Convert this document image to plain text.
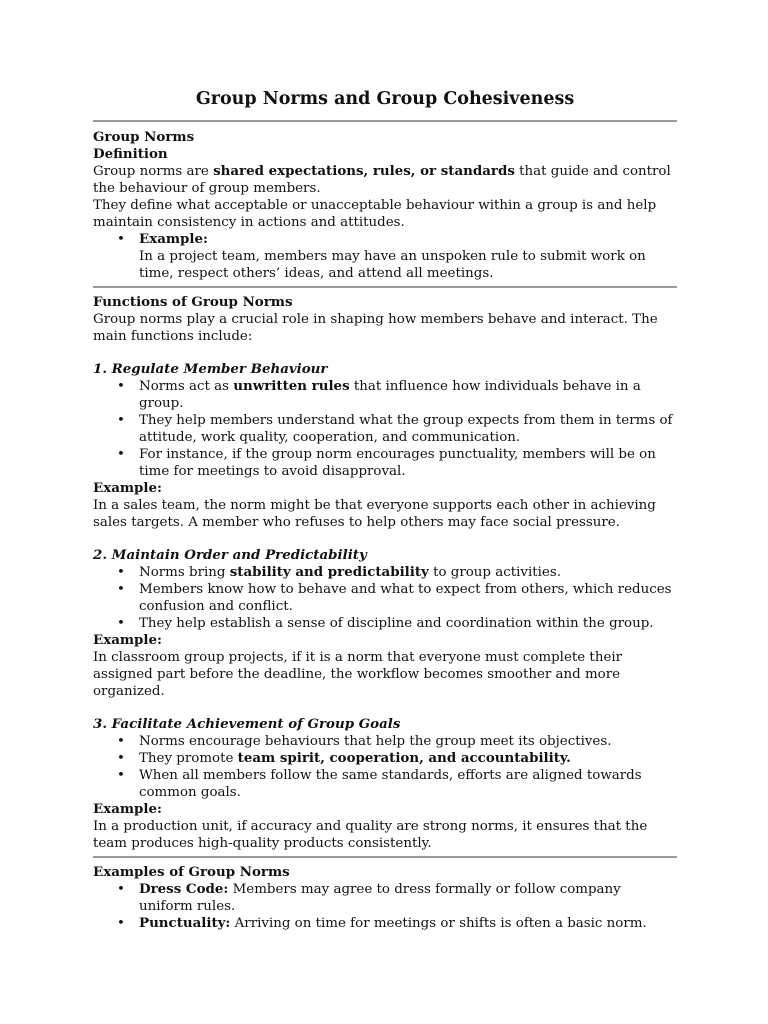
Group Norms and Group Cohesiveness

Group Norms

Definition

Group norms are shared expectations, rules, or standards that guide and control the behaviour of group members.

They define what acceptable or unacceptable behaviour within a group is and help maintain consistency in actions and attitudes.

• Example:
In a project team, members may have an unspoken rule to submit work on time, respect others’ ideas, and attend all meetings.

Functions of Group Norms

Group norms play a crucial role in shaping how members behave and interact. The main functions include:

1. Regulate Member Behaviour

• Norms act as unwritten rules that influence how individuals behave in a group.
• They help members understand what the group expects from them in terms of attitude, work quality, cooperation, and communication.
• For instance, if the group norm encourages punctuality, members will be on time for meetings to avoid disapproval.

Example:

In a sales team, the norm might be that everyone supports each other in achieving sales targets. A member who refuses to help others may face social pressure.

2. Maintain Order and Predictability

• Norms bring stability and predictability to group activities.
• Members know how to behave and what to expect from others, which reduces confusion and conflict.
• They help establish a sense of discipline and coordination within the group.

Example:

In classroom group projects, if it is a norm that everyone must complete their assigned part before the deadline, the workflow becomes smoother and more organized.

3. Facilitate Achievement of Group Goals

• Norms encourage behaviours that help the group meet its objectives.
• They promote team spirit, cooperation, and accountability.
• When all members follow the same standards, efforts are aligned towards common goals.

Example:

In a production unit, if accuracy and quality are strong norms, it ensures that the team produces high-quality products consistently.

Examples of Group Norms

• Dress Code: Members may agree to dress formally or follow company uniform rules.
• Punctuality: Arriving on time for meetings or shifts is often a basic norm.
